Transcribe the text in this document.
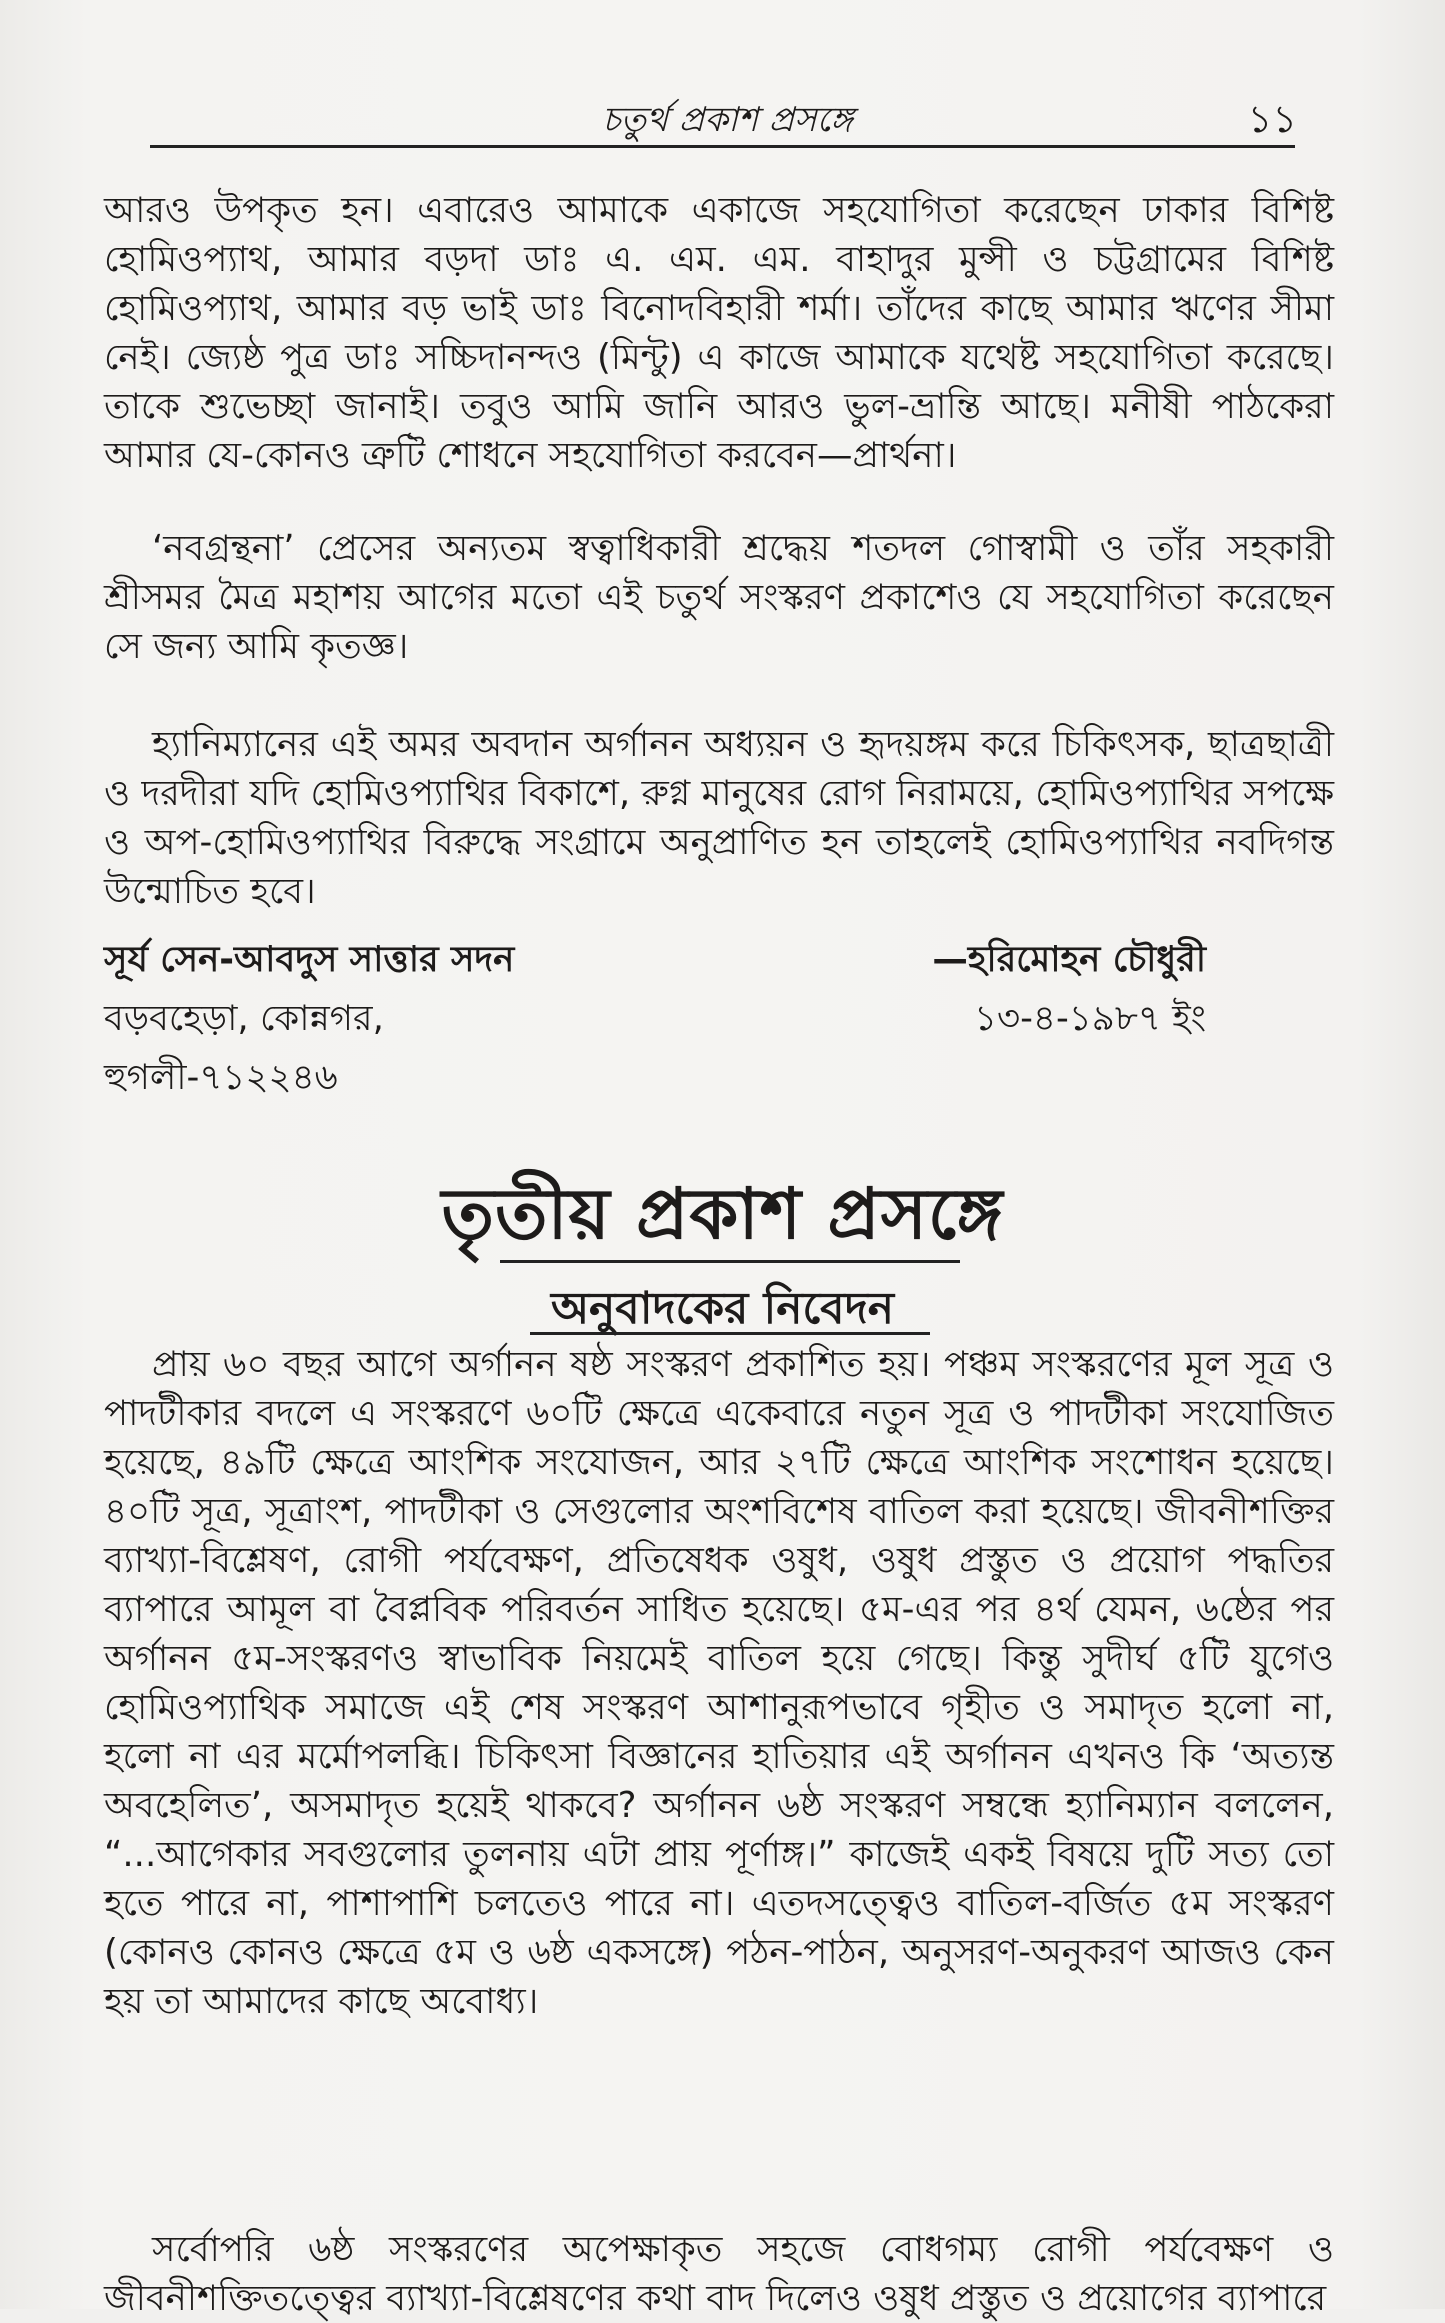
চতুর্থ প্রকাশ প্রসঙ্গে	১১

আরও উপকৃত হন। এবারেও আমাকে একাজে সহযোগিতা করেছেন ঢাকার বিশিষ্ট হোমিওপ্যাথ, আমার বড়দা ডাঃ এ. এম. এম. বাহাদুর মুন্সী ও চট্টগ্রামের বিশিষ্ট হোমিওপ্যাথ, আমার বড় ভাই ডাঃ বিনোদবিহারী শর্মা। তাঁদের কাছে আমার ঋণের সীমা নেই। জ্যেষ্ঠ পুত্র ডাঃ সচ্চিদানন্দও (মিন্টু) এ কাজে আমাকে যথেষ্ট সহযোগিতা করেছে। তাকে শুভেচ্ছা জানাই। তবুও আমি জানি আরও ভুল-ভ্রান্তি আছে। মনীষী পাঠকেরা আমার যে-কোনও ত্রুটি শোধনে সহযোগিতা করবেন—প্রার্থনা।

‘নবগ্রন্থনা’ প্রেসের অন্যতম স্বত্বাধিকারী শ্রদ্ধেয় শতদল গোস্বামী ও তাঁর সহকারী শ্রীসমর মৈত্র মহাশয় আগের মতো এই চতুর্থ সংস্করণ প্রকাশেও যে সহযোগিতা করেছেন সে জন্য আমি কৃতজ্ঞ।

হ্যানিম্যানের এই অমর অবদান অর্গানন অধ্যয়ন ও হৃদয়ঙ্গম করে চিকিৎসক, ছাত্রছাত্রী ও দরদীরা যদি হোমিওপ্যাথির বিকাশে, রুগ্ন মানুষের রোগ নিরাময়ে, হোমিওপ্যাথির সপক্ষে ও অপ-হোমিওপ্যাথির বিরুদ্ধে সংগ্রামে অনুপ্রাণিত হন তাহলেই হোমিওপ্যাথির নবদিগন্ত উন্মোচিত হবে।

সূর্য সেন-আবদুস সাত্তার সদন	—হরিমোহন চৌধুরী
বড়বহেড়া, কোন্নগর,	১৩-৪-১৯৮৭ ইং
হুগলী-৭১২২৪৬
তৃতীয় প্রকাশ প্রসঙ্গে
অনুবাদকের নিবেদন

প্রায় ৬০ বছর আগে অর্গানন ষষ্ঠ সংস্করণ প্রকাশিত হয়। পঞ্চম সংস্করণের মূল সূত্র ও পাদটীকার বদলে এ সংস্করণে ৬০টি ক্ষেত্রে একেবারে নতুন সূত্র ও পাদটীকা সংযোজিত হয়েছে, ৪৯টি ক্ষেত্রে আংশিক সংযোজন, আর ২৭টি ক্ষেত্রে আংশিক সংশোধন হয়েছে। ৪০টি সূত্র, সূত্রাংশ, পাদটীকা ও সেগুলোর অংশবিশেষ বাতিল করা হয়েছে। জীবনীশক্তির ব্যাখ্যা-বিশ্লেষণ, রোগী পর্যবেক্ষণ, প্রতিষেধক ওষুধ, ওষুধ প্রস্তুত ও প্রয়োগ পদ্ধতির ব্যাপারে আমূল বা বৈপ্লবিক পরিবর্তন সাধিত হয়েছে। ৫ম-এর পর ৪র্থ যেমন, ৬ষ্ঠের পর অর্গানন ৫ম-সংস্করণও স্বাভাবিক নিয়মেই বাতিল হয়ে গেছে। কিন্তু সুদীর্ঘ ৫টি যুগেও হোমিওপ্যাথিক সমাজে এই শেষ সংস্করণ আশানুরূপভাবে গৃহীত ও সমাদৃত হলো না, হলো না এর মর্মোপলব্ধি। চিকিৎসা বিজ্ঞানের হাতিয়ার এই অর্গানন এখনও কি ‘অত্যন্ত অবহেলিত’, অসমাদৃত হয়েই থাকবে? অর্গানন ৬ষ্ঠ সংস্করণ সম্বন্ধে হ্যানিম্যান বললেন, “...আগেকার সবগুলোর তুলনায় এটা প্রায় পূর্ণাঙ্গ।” কাজেই একই বিষয়ে দুটি সত্য তো হতে পারে না, পাশাপাশি চলতেও পারে না। এতদসত্ত্বেও বাতিল-বর্জিত ৫ম সংস্করণ (কোনও কোনও ক্ষেত্রে ৫ম ও ৬ষ্ঠ একসঙ্গে) পঠন-পাঠন, অনুসরণ-অনুকরণ আজও কেন হয় তা আমাদের কাছে অবোধ্য।

সর্বোপরি ৬ষ্ঠ সংস্করণের অপেক্ষাকৃত সহজে বোধগম্য রোগী পর্যবেক্ষণ ও জীবনীশক্তিতত্ত্বের ব্যাখ্যা-বিশ্লেষণের কথা বাদ দিলেও ওষুধ প্রস্তুত ও প্রয়োগের ব্যাপারে
